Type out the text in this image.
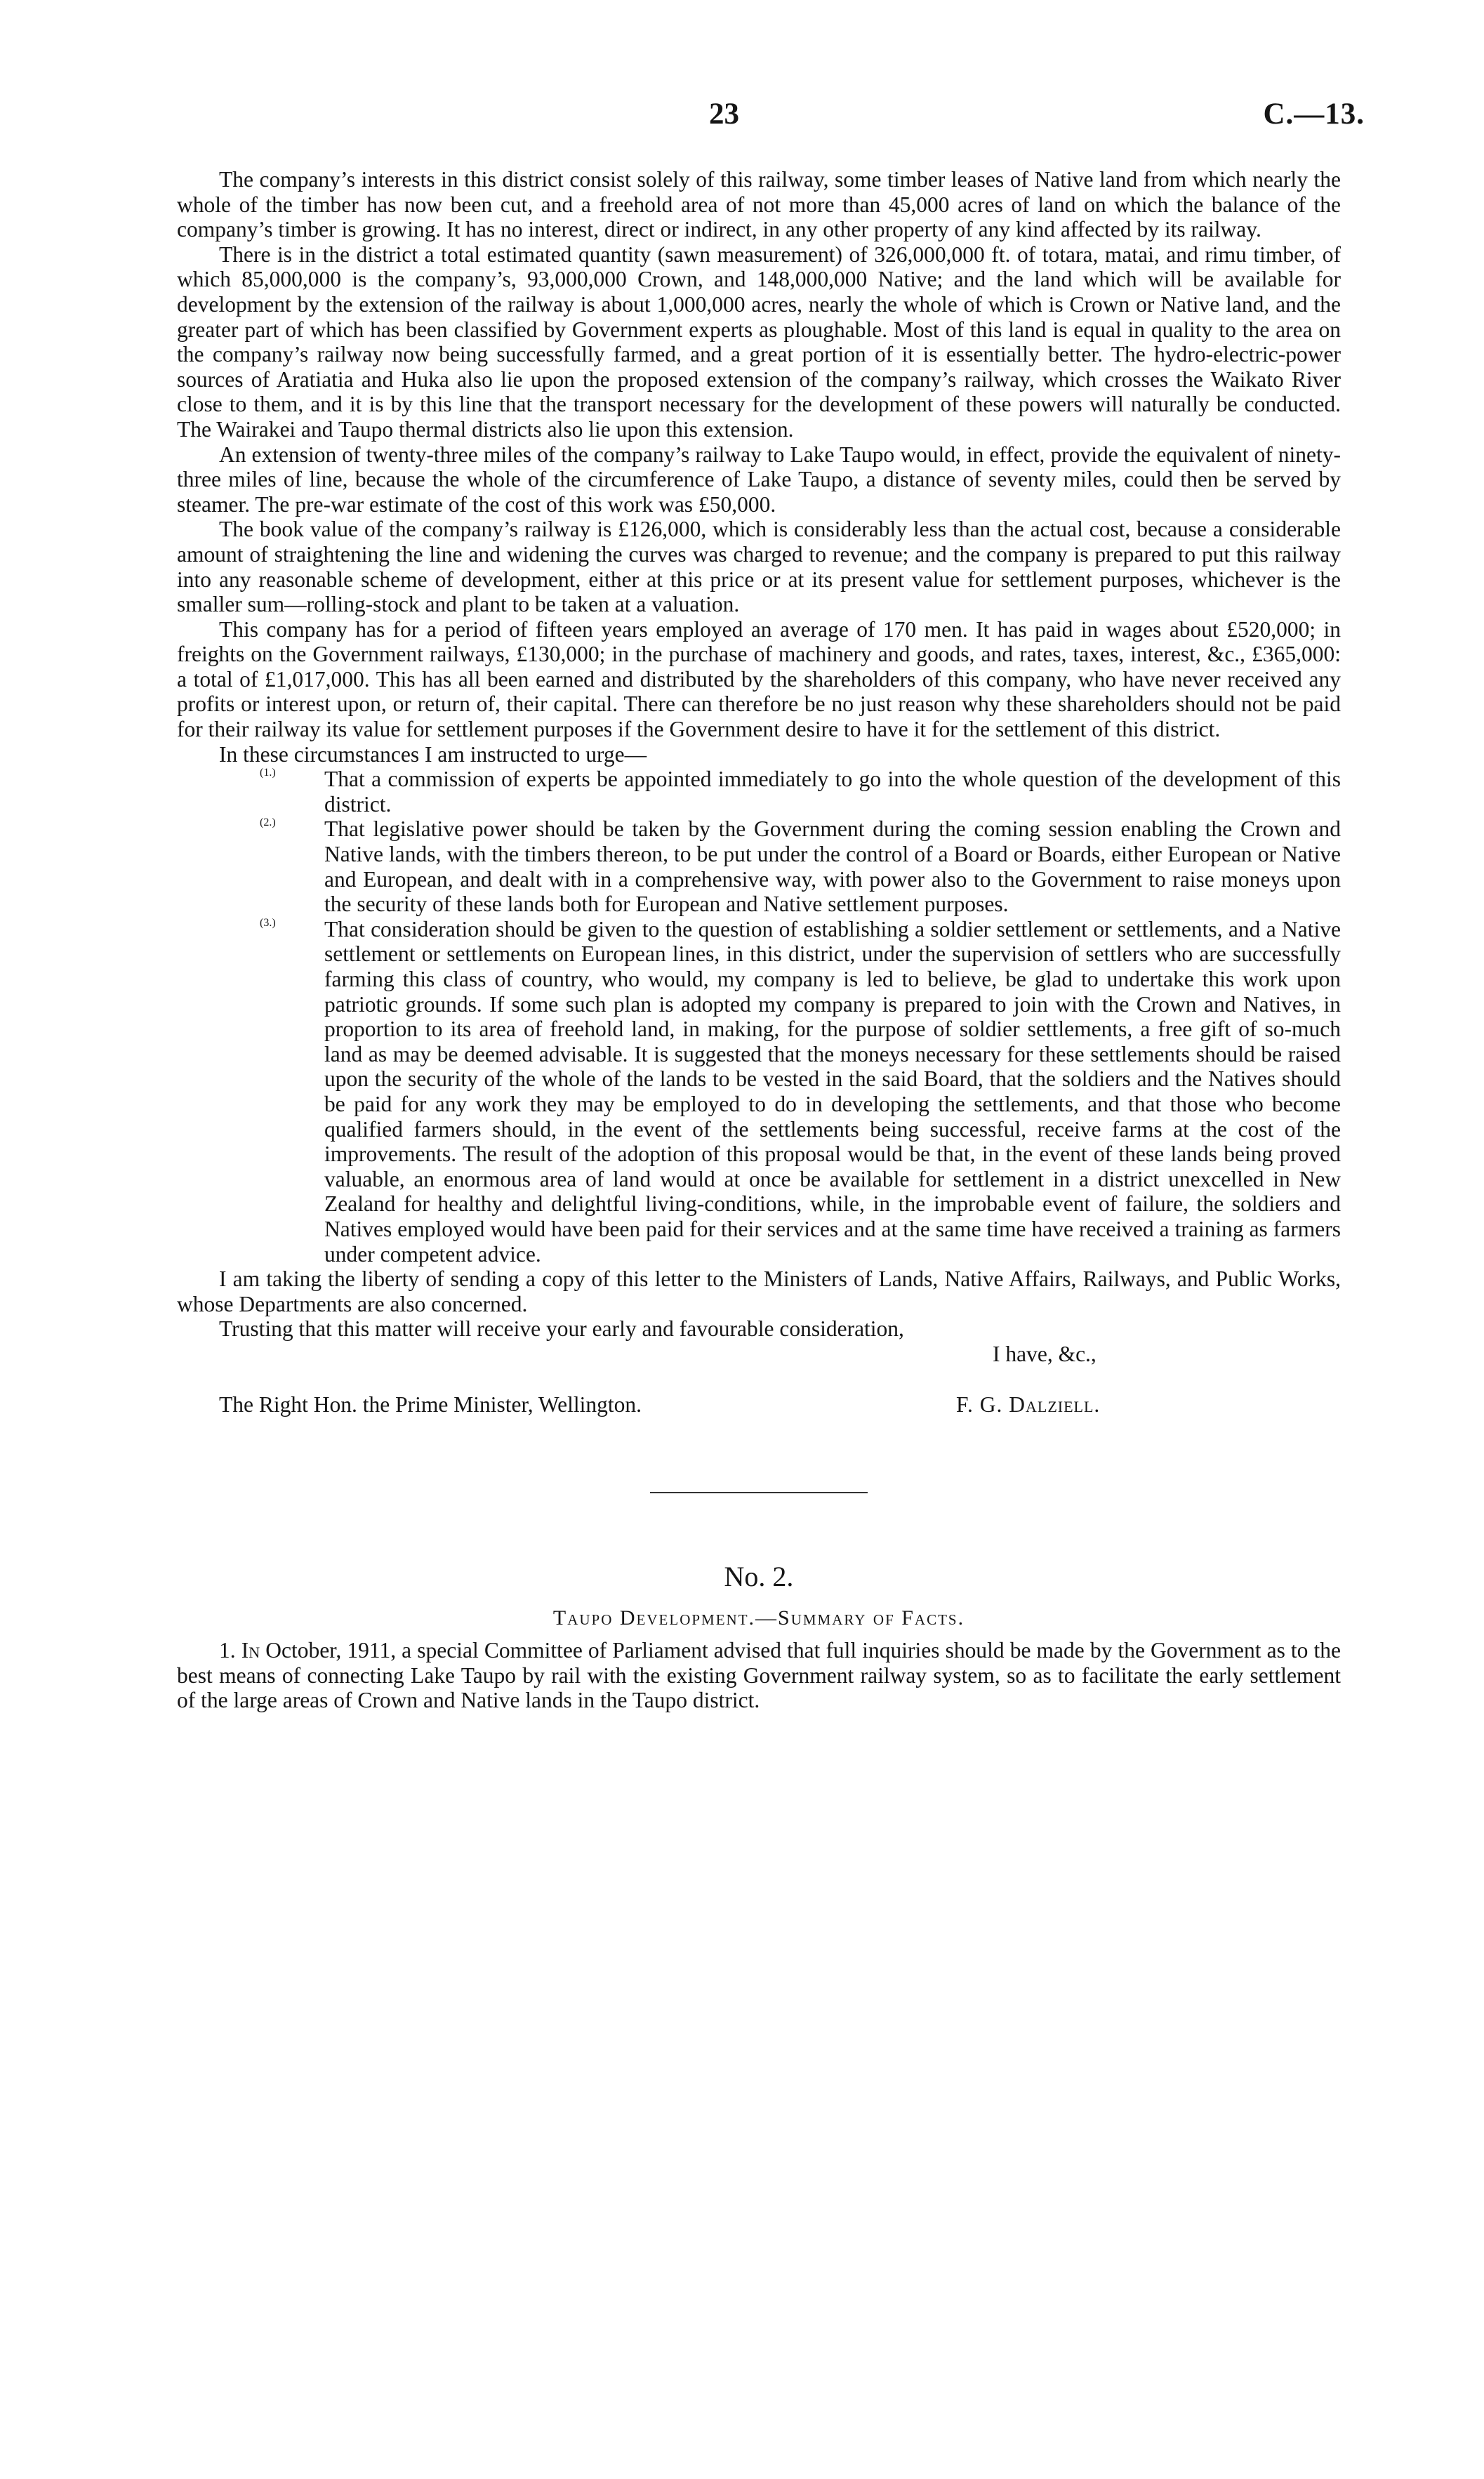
23	C.—13.

The company’s interests in this district consist solely of this railway, some timber leases of Native land from which nearly the whole of the timber has now been cut, and a freehold area of not more than 45,000 acres of land on which the balance of the company’s timber is growing. It has no interest, direct or indirect, in any other property of any kind affected by its railway.

There is in the district a total estimated quantity (sawn measurement) of 326,000,000 ft. of totara, matai, and rimu timber, of which 85,000,000 is the company’s, 93,000,000 Crown, and 148,000,000 Native; and the land which will be available for development by the extension of the railway is about 1,000,000 acres, nearly the whole of which is Crown or Native land, and the greater part of which has been classified by Government experts as ploughable. Most of this land is equal in quality to the area on the company’s railway now being successfully farmed, and a great portion of it is essentially better. The hydro-electric-power sources of Aratiatia and Huka also lie upon the proposed extension of the company’s railway, which crosses the Waikato River close to them, and it is by this line that the transport necessary for the development of these powers will naturally be conducted. The Wairakei and Taupo thermal districts also lie upon this extension.

An extension of twenty-three miles of the company’s railway to Lake Taupo would, in effect, provide the equivalent of ninety-three miles of line, because the whole of the circumference of Lake Taupo, a distance of seventy miles, could then be served by steamer. The pre-war estimate of the cost of this work was £50,000.

The book value of the company’s railway is £126,000, which is considerably less than the actual cost, because a considerable amount of straightening the line and widening the curves was charged to revenue; and the company is prepared to put this railway into any reasonable scheme of development, either at this price or at its present value for settlement purposes, whichever is the smaller sum—rolling-stock and plant to be taken at a valuation.

This company has for a period of fifteen years employed an average of 170 men. It has paid in wages about £520,000; in freights on the Government railways, £130,000; in the purchase of machinery and goods, and rates, taxes, interest, &c., £365,000: a total of £1,017,000. This has all been earned and distributed by the shareholders of this company, who have never received any profits or interest upon, or return of, their capital. There can therefore be no just reason why these shareholders should not be paid for their railway its value for settlement purposes if the Government desire to have it for the settlement of this district.

In these circumstances I am instructed to urge—

(1.) That a commission of experts be appointed immediately to go into the whole question of the development of this district.

(2.) That legislative power should be taken by the Government during the coming session enabling the Crown and Native lands, with the timbers thereon, to be put under the control of a Board or Boards, either European or Native and European, and dealt with in a comprehensive way, with power also to the Government to raise moneys upon the security of these lands both for European and Native settlement purposes.

(3.) That consideration should be given to the question of establishing a soldier settlement or settlements, and a Native settlement or settlements on European lines, in this district, under the supervision of settlers who are successfully farming this class of country, who would, my company is led to believe, be glad to undertake this work upon patriotic grounds. If some such plan is adopted my company is prepared to join with the Crown and Natives, in proportion to its area of freehold land, in making, for the purpose of soldier settlements, a free gift of so-much land as may be deemed advisable. It is suggested that the moneys necessary for these settlements should be raised upon the security of the whole of the lands to be vested in the said Board, that the soldiers and the Natives should be paid for any work they may be employed to do in developing the settlements, and that those who become qualified farmers should, in the event of the settlements being successful, receive farms at the cost of the improvements. The result of the adoption of this proposal would be that, in the event of these lands being proved valuable, an enormous area of land would at once be available for settlement in a district unexcelled in New Zealand for healthy and delightful living-conditions, while, in the improbable event of failure, the soldiers and Natives employed would have been paid for their services and at the same time have received a training as farmers under competent advice.

I am taking the liberty of sending a copy of this letter to the Ministers of Lands, Native Affairs, Railways, and Public Works, whose Departments are also concerned.

Trusting that this matter will receive your early and favourable consideration,

I have, &c.,

The Right Hon. the Prime Minister, Wellington.	F. G. Dalziell.

No. 2.
Taupo Development.—Summary of Facts.

1. In October, 1911, a special Committee of Parliament advised that full inquiries should be made by the Government as to the best means of connecting Lake Taupo by rail with the existing Government railway system, so as to facilitate the early settlement of the large areas of Crown and Native lands in the Taupo district.
